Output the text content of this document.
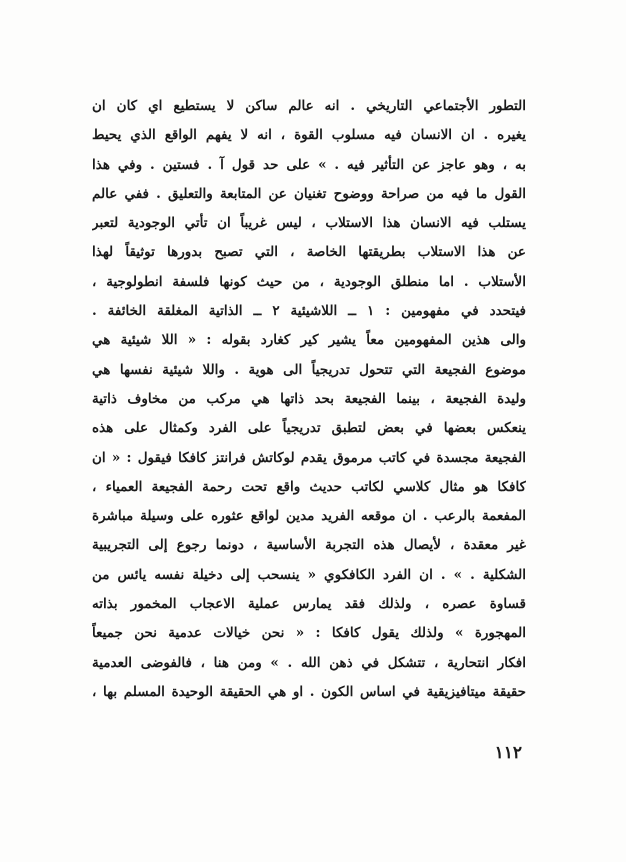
التطور الأجتماعي التاريخي . انه عالم ساكن لا يستطيع اي كان ان
يغيره . ان الانسان فيه مسلوب القوة ، انه لا يفهم الواقع الذي يحيط
به ، وهو عاجز عن التأثير فيه . » على حد قول آ . فستين . وفي هذا
القول ما فيه من صراحة ووضوح تغنيان عن المتابعة والتعليق . ففي عالم
يستلب فيه الانسان هذا الاستلاب ، ليس غريباً ان تأتي الوجودية لتعبر
عن هذا الاستلاب بطريقتها الخاصة ، التي تصبح بدورها توثيقاً لهذا
الأستلاب . اما منطلق الوجودية ، من حيث كونها فلسفة انطولوجية ،
فيتحدد في مفهومين : ١ ــ اللاشيئية ٢ ــ الذاتية المغلقة الخائفة .
والى هذين المفهومين معاً يشير كير كغارد بقوله : « اللا شيئية هي
موضوع الفجيعة التي تتحول تدريجياً الى هوية . واللا شيئية نفسها هي
وليدة الفجيعة ، بينما الفجيعة بحد ذاتها هي مركب من مخاوف ذاتية
ينعكس بعضها في بعض لتطبق تدريجياً على الفرد وكمثال على هذه
الفجيعة مجسدة في كاتب مرموق يقدم لوكاتش فرانتز كافكا فيقول : « ان
كافكا هو مثال كلاسي لكاتب حديث واقع تحت رحمة الفجيعة العمياء ،
المفعمة بالرعب . ان موقعه الفريد مدين لواقع عثوره على وسيلة مباشرة
غير معقدة ، لأيصال هذه التجربة الأساسية ، دونما رجوع إلى التجريبية
الشكلية . » . ان الفرد الكافكوي « ينسحب إلى دخيلة نفسه يائس من
قساوة عصره ، ولذلك فقد يمارس عملية الاعجاب المخمور بذاته
المهجورة » ولذلك يقول كافكا : « نحن خيالات عدمية نحن جميعاً
افكار انتحارية ، تتشكل في ذهن الله . » ومن هنا ، فالفوضى العدمية
حقيقة ميتافيزيقية في اساس الكون . او هي الحقيقة الوحيدة المسلم بها ،
١١٢
